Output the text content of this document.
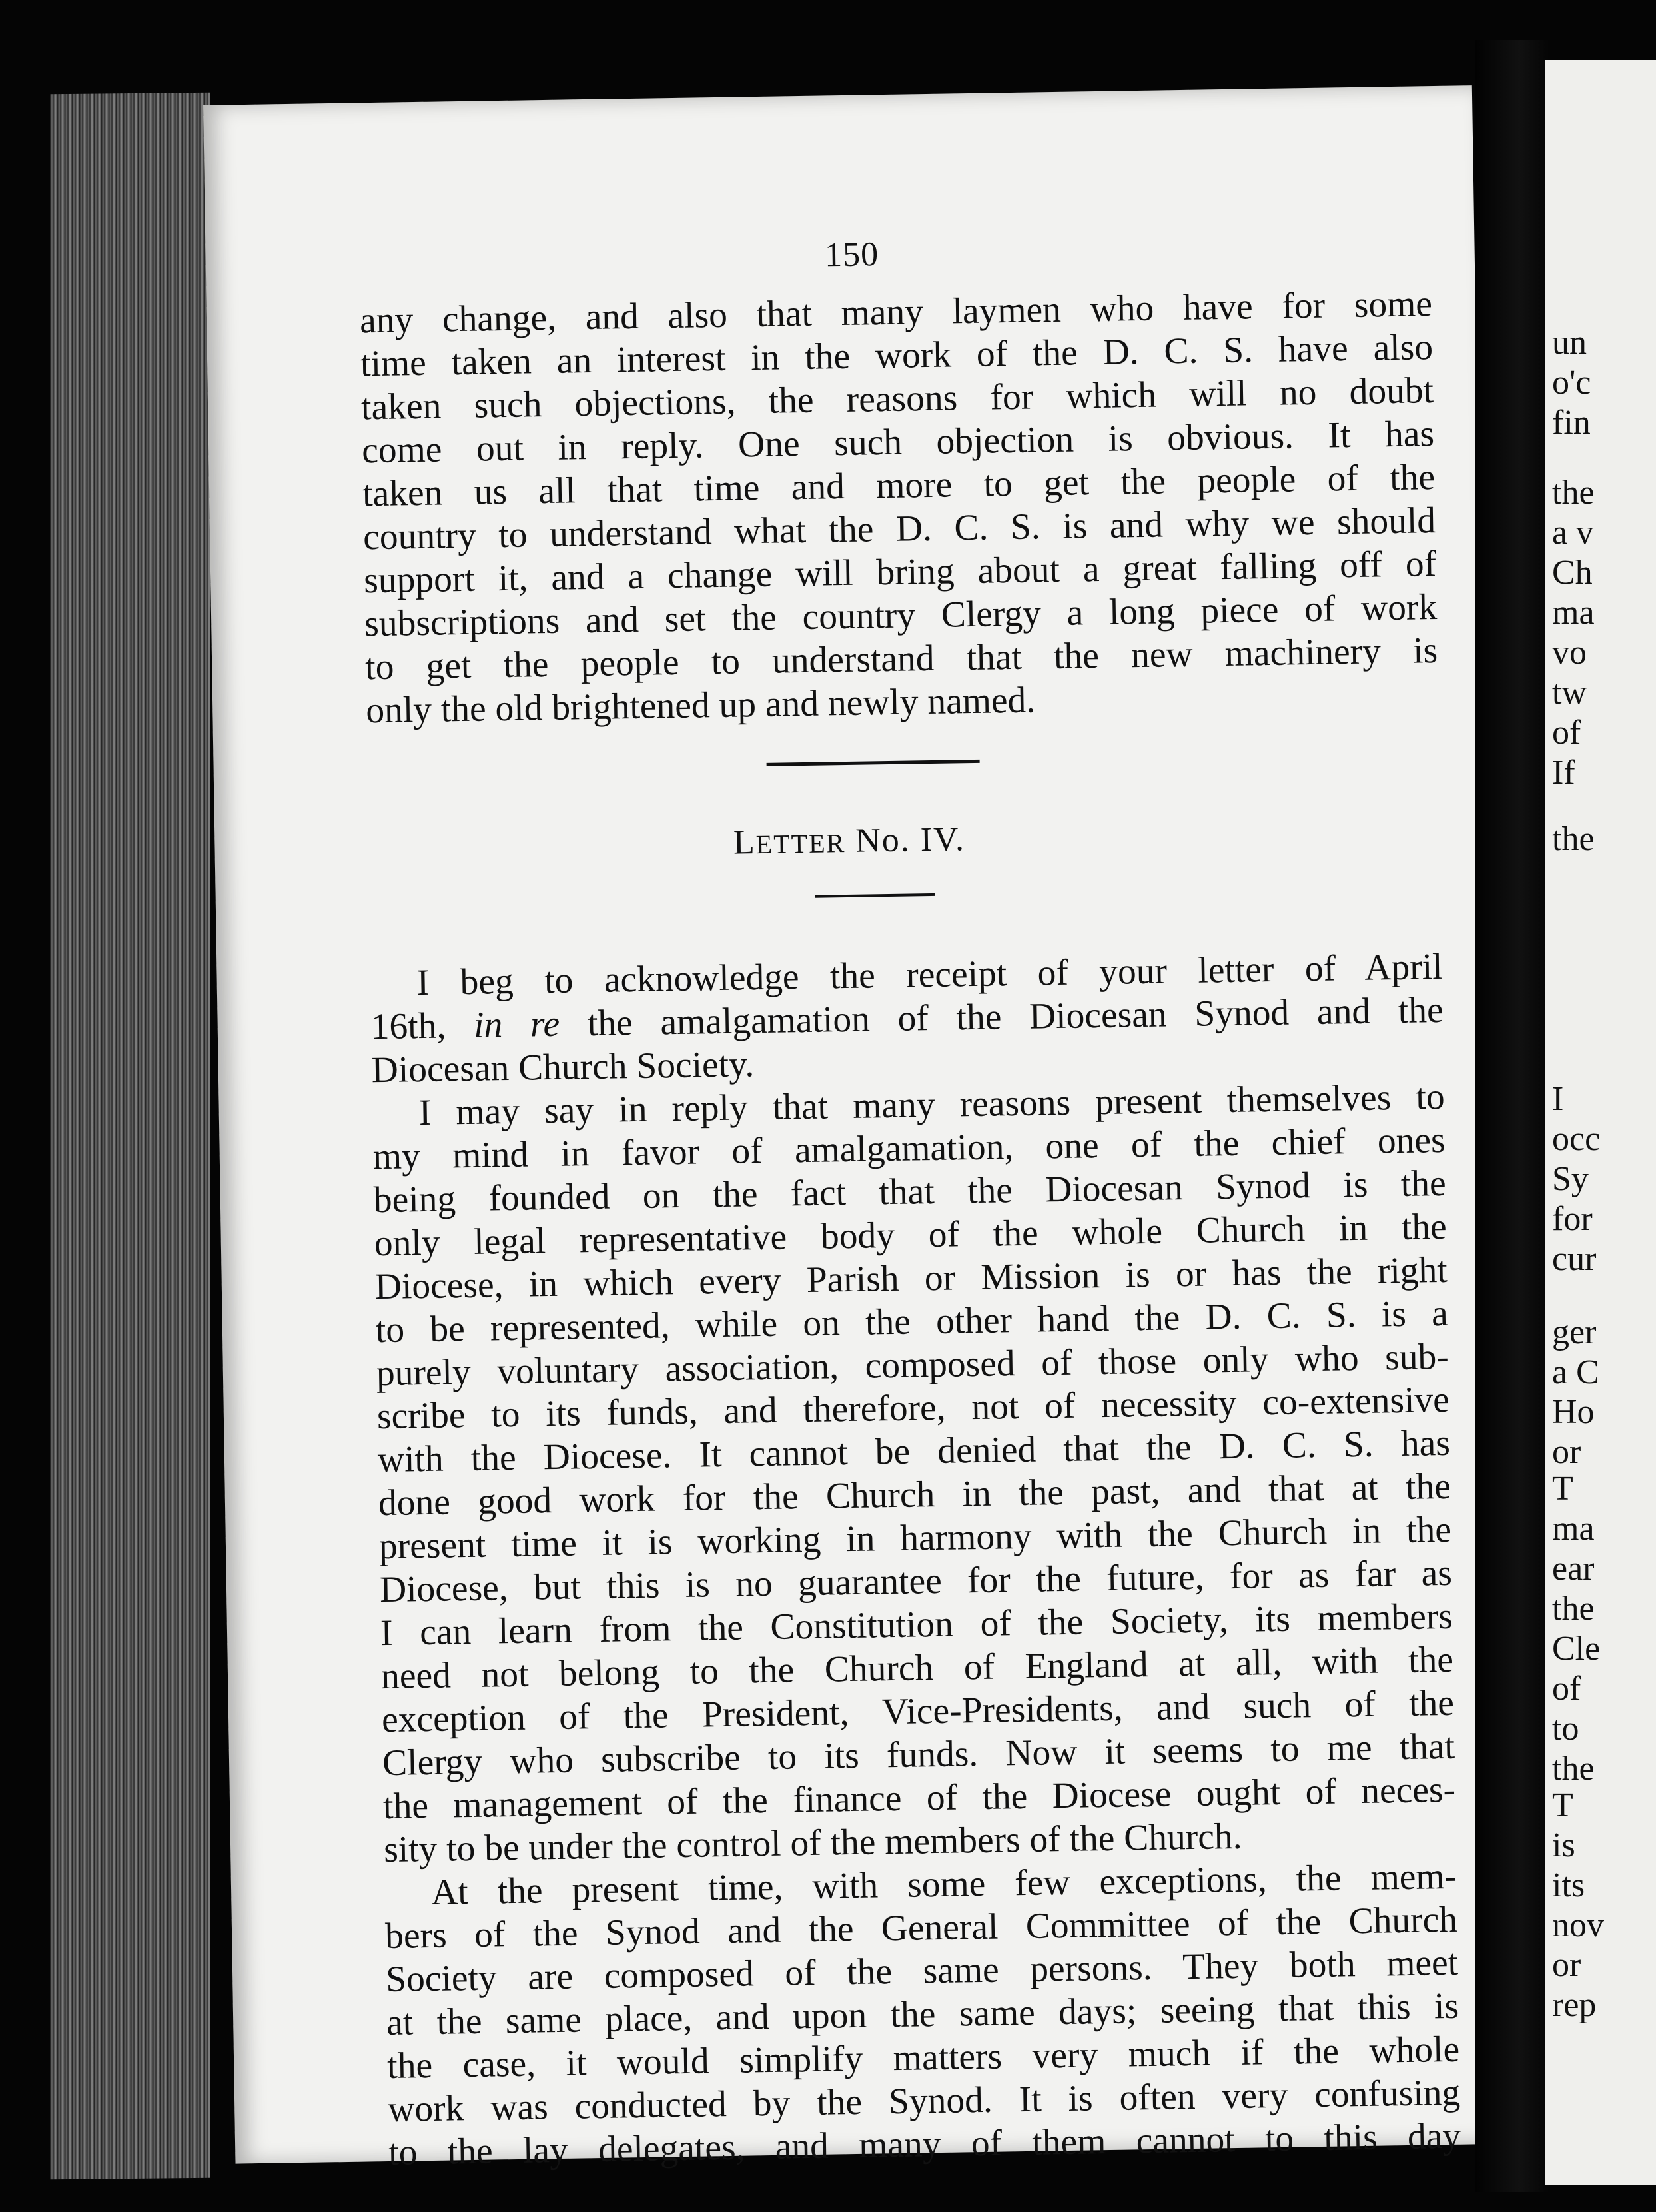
150
any change, and also that many laymen who have for some
time taken an interest in the work of the D. C. S. have also
taken such objections, the reasons for which will no doubt
come out in reply. One such objection is obvious. It has
taken us all that time and more to get the people of the
country to understand what the D. C. S. is and why we should
support it, and a change will bring about a great falling off of
subscriptions and set the country Clergy a long piece of work
to get the people to understand that the new machinery is
only the old brightened up and newly named.
LETTER No. IV.
I beg to acknowledge the receipt of your letter of April
16th, in re the amalgamation of the Diocesan Synod and the
Diocesan Church Society.
I may say in reply that many reasons present themselves to
my mind in favor of amalgamation, one of the chief ones
being founded on the fact that the Diocesan Synod is the
only legal representative body of the whole Church in the
Diocese, in which every Parish or Mission is or has the right
to be represented, while on the other hand the D. C. S. is a
purely voluntary association, composed of those only who sub-
scribe to its funds, and therefore, not of necessity co-extensive
with the Diocese. It cannot be denied that the D. C. S. has
done good work for the Church in the past, and that at the
present time it is working in harmony with the Church in the
Diocese, but this is no guarantee for the future, for as far as
I can learn from the Constitution of the Society, its members
need not belong to the Church of England at all, with the
exception of the President, Vice-Presidents, and such of the
Clergy who subscribe to its funds. Now it seems to me that
the management of the finance of the Diocese ought of neces-
sity to be under the control of the members of the Church.
At the present time, with some few exceptions, the mem-
bers of the Synod and the General Committee of the Church
Society are composed of the same persons. They both meet
at the same place, and upon the same days; seeing that this is
the case, it would simplify matters very much if the whole
work was conducted by the Synod. It is often very confusing
to the lay delegates, and many of them cannot to this day
un
o'c
fin
the
a v
Ch
ma
vo
tw
of
If
the
I
occ
Sy
for
cur
ger
a C
Ho
or
T
ma
ear
the
Cle
of
to
the
T
is
its
nov
or
rep
